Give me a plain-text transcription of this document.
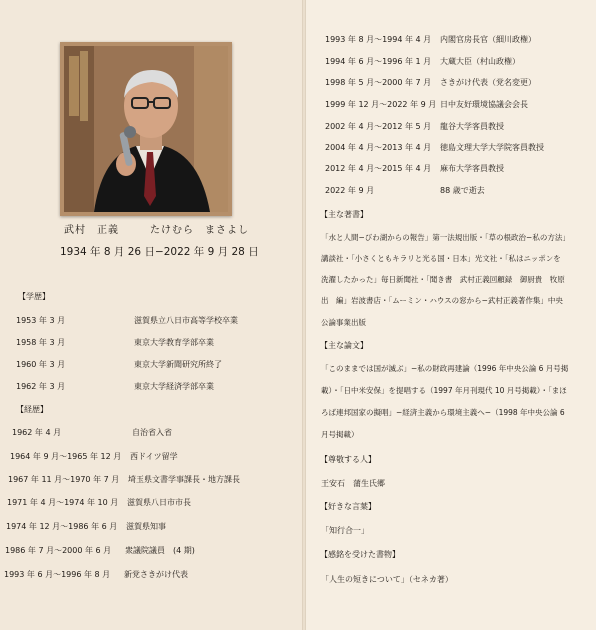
武村　正義	たけむら　まさよし
1934 年 8 月 26 日−2022 年 9 月 28 日
【学歴】
1953 年 3 月	滋賀県立八日市高等学校卒業
1958 年 3 月	東京大学教育学部卒業
1960 年 3 月	東京大学新聞研究所終了
1962 年 3 月	東京大学経済学部卒業
【経歴】
1962 年 4 月	自治省入省
1964 年 9 月〜1965 年 12 月 西ドイツ留学
1967 年 11 月〜1970 年 7 月 埼玉県文書学事課長・地方課長
1971 年 4 月〜1974 年 10 月 滋賀県八日市市長
1974 年 12 月〜1986 年 6 月 滋賀県知事
1986 年 7 月〜2000 年 6 月 衆議院議員　(4 期)
1993 年 6 月〜1996 年 8 月 新党さきがけ代表
1993 年 8 月〜1994 年 4 月 内閣官房長官（細川政権）
1994 年 6 月〜1996 年 1 月 大蔵大臣（村山政権）
1998 年 5 月〜2000 年 7 月 さきがけ代表（党名変更）
1999 年 12 月〜2022 年 9 月 日中友好環境協議会会長
2002 年 4 月〜2012 年 5 月 龍谷大学客員教授
2004 年 4 月〜2013 年 4 月 徳島文理大学大学院客員教授
2012 年 4 月〜2015 年 4 月 麻布大学客員教授
2022 年 9 月	88 歳で逝去
【主な著書】
「水と人間−びわ湖からの報告」第一法規出版・「草の根政治−私の方法」
講談社・「小さくともキラリと光る国・日本」光文社・「私はニッポンを
洗濯したかった」毎日新聞社・「聞き書　武村正義回顧録　御厨貴　牧原
出　編」岩波書店・「ムーミン・ハウスの窓から−武村正義著作集」中央
公論事業出版
【主な論文】
「このままでは国が滅ぶ」−私の財政再建論（1996 年中央公論 6 月号掲
載）・「日中米安保」を提唱する（1997 年月刊現代 10 月号掲載）・「まほ
ろば連邦国家の擬唱」−経済主義から環境主義へ−（1998 年中央公論 6
月号掲載）
【尊敬する人】
王安石　蒲生氏郷
【好きな言葉】
「知行合一」
【感銘を受けた書物】
「人生の短きについて」（セネカ著）
